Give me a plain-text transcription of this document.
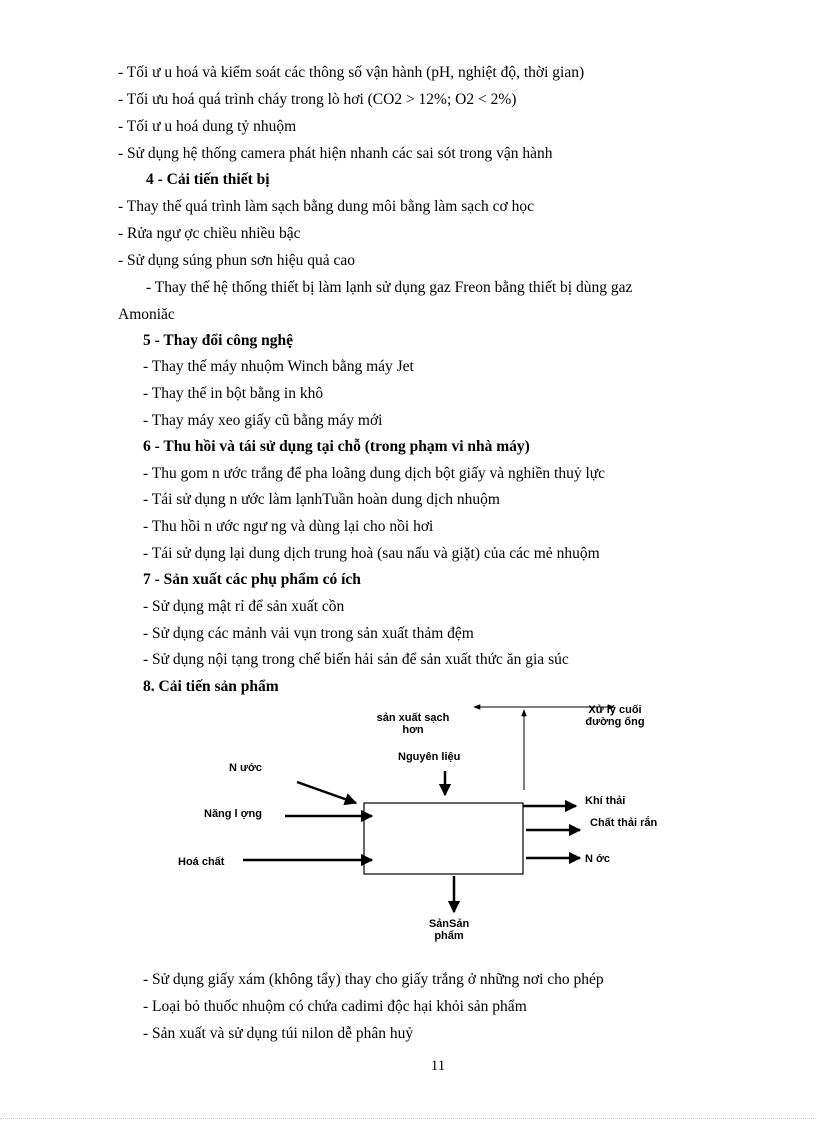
- Tối ư u hoá và kiểm soát các thông số vận hành (pH, nghiệt độ, thời gian)
- Tối ưu hoá quá trình cháy trong lò hơi (CO2 > 12%; O2 < 2%)
- Tối ư u hoá dung tỷ nhuộm
- Sử dụng hệ thống camera phát hiện nhanh các sai sót trong vận hành
4 - Cải tiến thiết bị
- Thay thế quá trình làm sạch bằng dung môi bằng làm sạch cơ học
- Rửa ngư ợc chiều nhiều bậc
- Sử dụng súng phun sơn hiệu quả cao
- Thay thế hệ thống thiết bị làm lạnh sử dụng gaz Freon bằng thiết bị dùng gaz
Amoniăc
5 - Thay đổi công nghệ
- Thay thế máy nhuộm Winch bằng máy Jet
- Thay thế in bột bằng in khô
- Thay máy xeo giấy cũ bằng máy mới
6 - Thu hồi và tái sử dụng tại chỗ (trong phạm vi nhà máy)
- Thu gom n ước trắng để pha loãng dung dịch bột giấy và nghiền thuỷ lực
- Tái sử dụng n ước làm lạnhTuần hoàn dung dịch nhuộm
- Thu hồi n ước ngư ng và dùng lại cho nồi hơi
- Tái sử dụng lại dung dịch trung hoà (sau nấu và giặt) của các mẻ nhuộm
7 - Sản xuất các phụ phẩm có ích
- Sử dụng mật rỉ để sản xuất cồn
- Sử dụng các mảnh vải vụn trong sản xuất thảm đệm
- Sử dụng nội tạng trong chế biến hải sản để sản xuất thức ăn gia súc
8. Cải tiến sản phẩm
sản xuất sạch
hơn
Xử lý cuối
đường ống
Nguyên liệu
N ước
Năng l ợng
Hoá chất
Khí thải
Chất thải rắn
N ớc
SảnSản
phẩm
- Sử dụng giấy xám (không tẩy) thay cho giấy trắng ở những nơi cho phép
- Loại bỏ thuốc nhuộm có chứa cadimi độc hại khỏi sản phẩm
- Sản xuất và sử dụng túi nilon dễ phân huỷ
11
